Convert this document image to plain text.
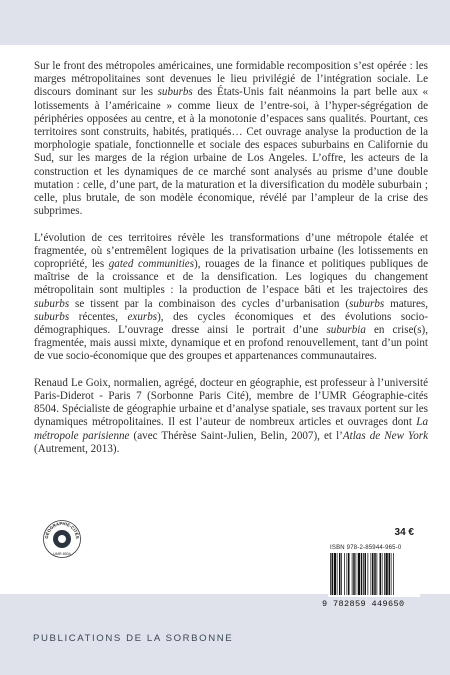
Sur le front des métropoles américaines, une formidable recomposition s’est opérée : les marges métropolitaines sont devenues le lieu privilégié de l’intégration sociale. Le discours dominant sur les suburbs des États-Unis fait néanmoins la part belle aux « lotissements à l’américaine » comme lieux de l’entre-soi, à l’hyper-ségrégation de périphéries opposées au centre, et à la monotonie d’espaces sans qualités. Pourtant, ces territoires sont construits, habités, pratiqués… Cet ouvrage analyse la production de la morphologie spatiale, fonctionnelle et sociale des espaces suburbains en Californie du Sud, sur les marges de la région urbaine de Los Angeles. L’offre, les acteurs de la construction et les dynamiques de ce marché sont analysés au prisme d’une double mutation : celle, d’une part, de la maturation et la diversification du modèle suburbain ; celle, plus brutale, de son modèle économique, révélé par l’ampleur de la crise des subprimes.

L’évolution de ces territoires révèle les transformations d’une métropole étalée et fragmentée, où s’entremêlent logiques de la privatisation urbaine (les lotissements en copropriété, les gated communities), rouages de la finance et politiques publiques de maîtrise de la croissance et de la densification. Les logiques du changement métropolitain sont multiples : la production de l’espace bâti et les trajectoires des suburbs se tissent par la combinaison des cycles d’urbanisation (suburbs matures, suburbs récentes, exurbs), des cycles économiques et des évolutions socio-démographiques. L’ouvrage dresse ainsi le portrait d’une suburbia en crise(s), fragmentée, mais aussi mixte, dynamique et en profond renouvellement, tant d’un point de vue socio-économique que des groupes et appartenances communautaires.

Renaud Le Goix, normalien, agrégé, docteur en géographie, est professeur à l’université Paris-Diderot - Paris 7 (Sorbonne Paris Cité), membre de l’UMR Géographie-cités 8504. Spécialiste de géographie urbaine et d’analyse spatiale, ses travaux portent sur les dynamiques métropolitaines. Il est l’auteur de nombreux articles et ouvrages dont La métropole parisienne (avec Thérèse Saint-Julien, Belin, 2007), et l’Atlas de New York (Autrement, 2013).

GÉOGRAPHIE-CITÉS
UMR 8504
34 €
ISBN 978-2-85944-965-0
9 782859 449650
PUBLICATIONS DE LA SORBONNE
